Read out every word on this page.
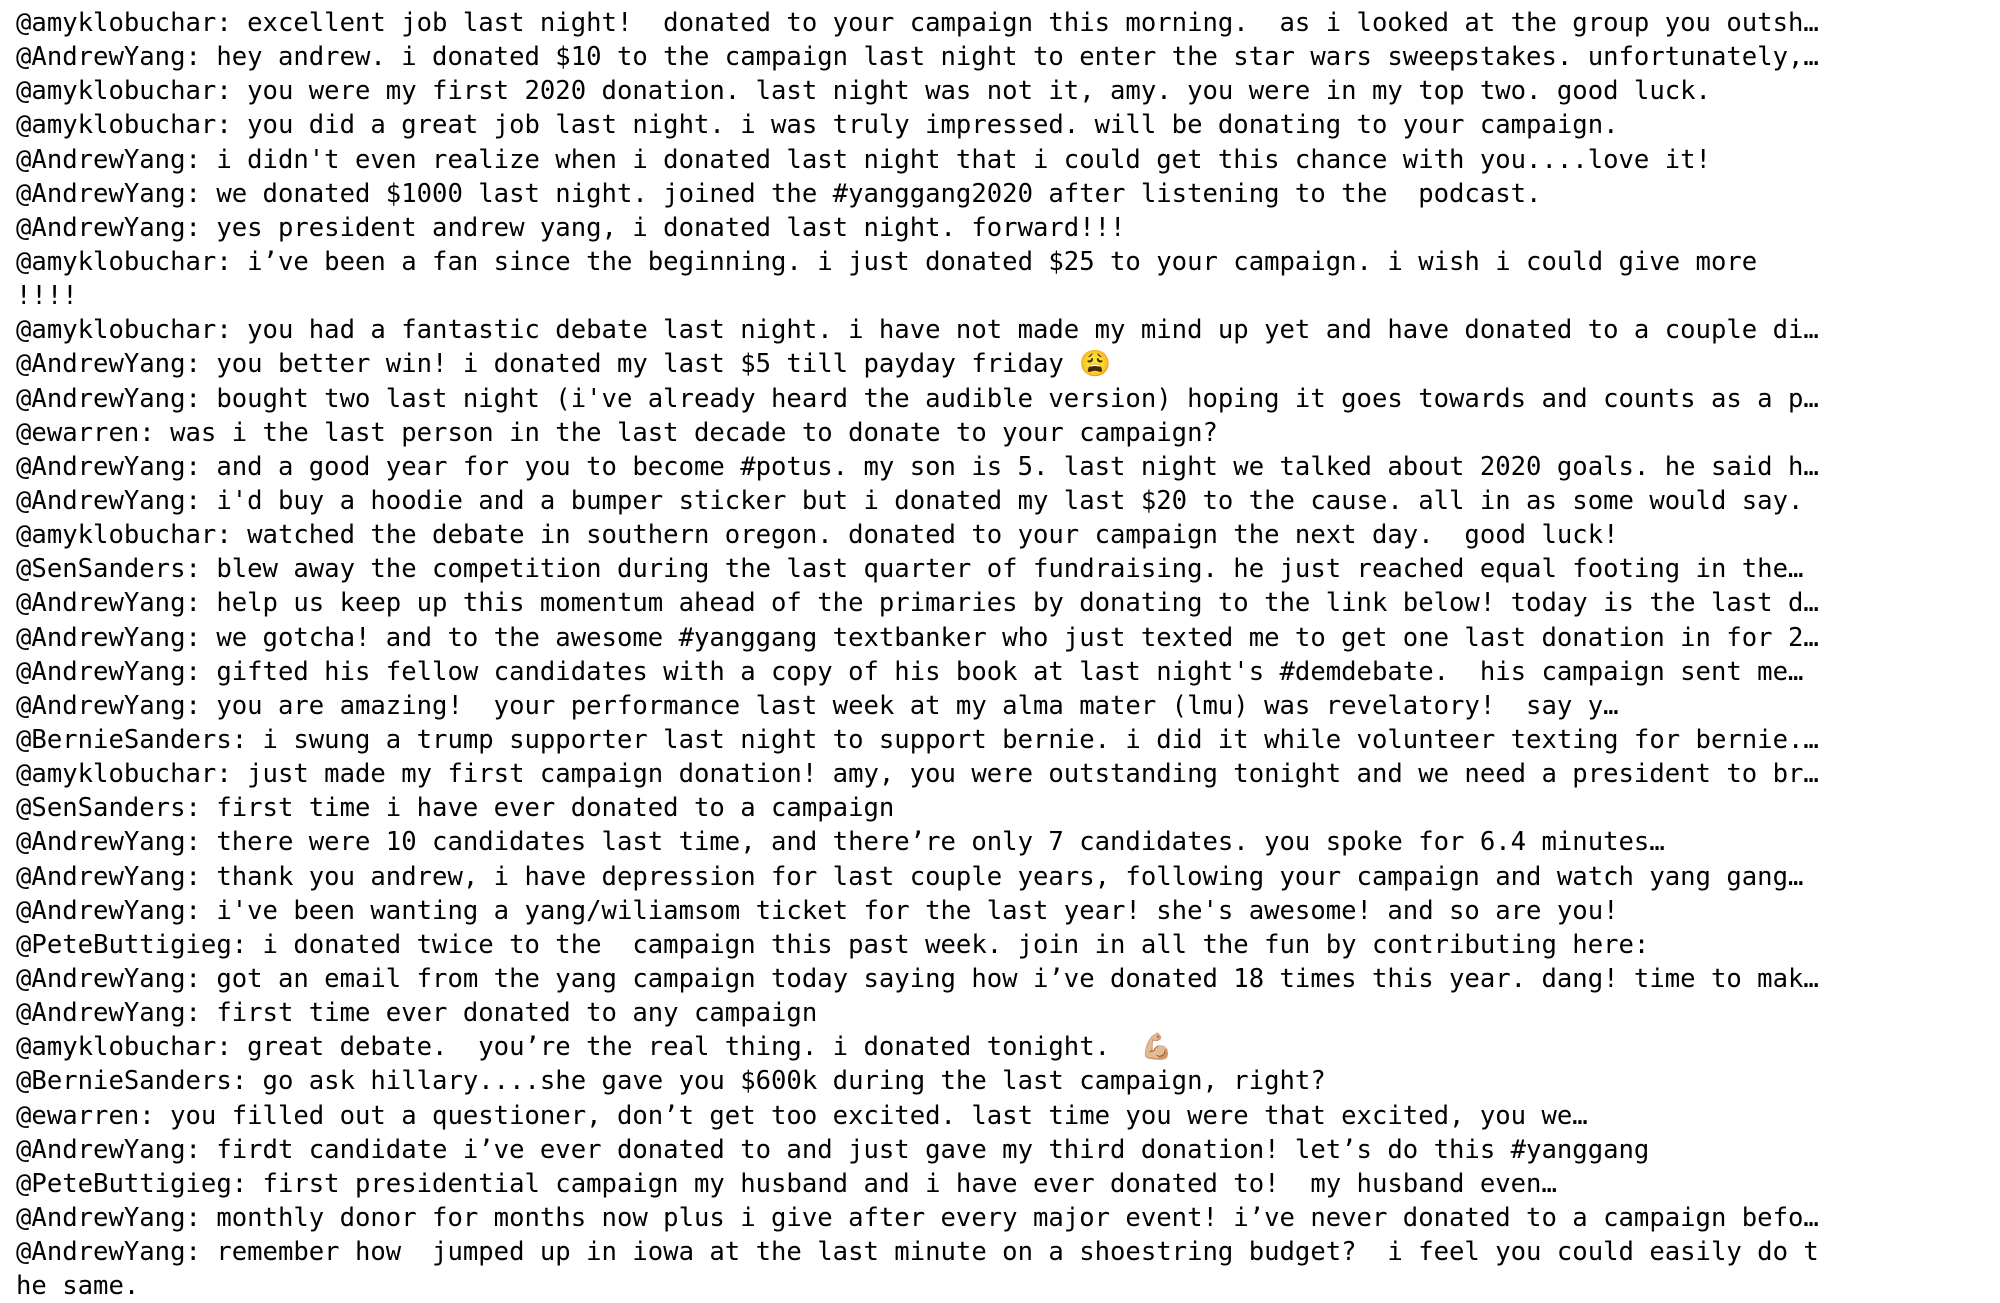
@amyklobuchar: excellent job last night!  donated to your campaign this morning.  as i looked at the group you outsh…
@AndrewYang: hey andrew. i donated $10 to the campaign last night to enter the star wars sweepstakes. unfortunately,…
@amyklobuchar: you were my first 2020 donation. last night was not it, amy. you were in my top two. good luck.
@amyklobuchar: you did a great job last night. i was truly impressed. will be donating to your campaign.
@AndrewYang: i didn't even realize when i donated last night that i could get this chance with you....love it!
@AndrewYang: we donated $1000 last night. joined the #yanggang2020 after listening to the  podcast.
@AndrewYang: yes president andrew yang, i donated last night. forward!!!
@amyklobuchar: i’ve been a fan since the beginning. i just donated $25 to your campaign. i wish i could give more
!!!!
@amyklobuchar: you had a fantastic debate last night. i have not made my mind up yet and have donated to a couple di…
@AndrewYang: you better win! i donated my last $5 till payday friday 😩
@AndrewYang: bought two last night (i've already heard the audible version) hoping it goes towards and counts as a p…
@ewarren: was i the last person in the last decade to donate to your campaign?
@AndrewYang: and a good year for you to become #potus. my son is 5. last night we talked about 2020 goals. he said h…
@AndrewYang: i'd buy a hoodie and a bumper sticker but i donated my last $20 to the cause. all in as some would say.
@amyklobuchar: watched the debate in southern oregon. donated to your campaign the next day.  good luck!
@SenSanders: blew away the competition during the last quarter of fundraising. he just reached equal footing in the…
@AndrewYang: help us keep up this momentum ahead of the primaries by donating to the link below! today is the last d…
@AndrewYang: we gotcha! and to the awesome #yanggang textbanker who just texted me to get one last donation in for 2…
@AndrewYang: gifted his fellow candidates with a copy of his book at last night's #demdebate.  his campaign sent me…
@AndrewYang: you are amazing!  your performance last week at my alma mater (lmu) was revelatory!  say y…
@BernieSanders: i swung a trump supporter last night to support bernie. i did it while volunteer texting for bernie.…
@amyklobuchar: just made my first campaign donation! amy, you were outstanding tonight and we need a president to br…
@SenSanders: first time i have ever donated to a campaign
@AndrewYang: there were 10 candidates last time, and there’re only 7 candidates. you spoke for 6.4 minutes…
@AndrewYang: thank you andrew, i have depression for last couple years, following your campaign and watch yang gang…
@AndrewYang: i've been wanting a yang/wiliamsom ticket for the last year! she's awesome! and so are you!
@PeteButtigieg: i donated twice to the  campaign this past week. join in all the fun by contributing here:
@AndrewYang: got an email from the yang campaign today saying how i’ve donated 18 times this year. dang! time to mak…
@AndrewYang: first time ever donated to any campaign
@amyklobuchar: great debate.  you’re the real thing. i donated tonight.  💪🏼
@BernieSanders: go ask hillary....she gave you $600k during the last campaign, right?
@ewarren: you filled out a questioner, don’t get too excited. last time you were that excited, you we…
@AndrewYang: firdt candidate i’ve ever donated to and just gave my third donation! let’s do this #yanggang
@PeteButtigieg: first presidential campaign my husband and i have ever donated to!  my husband even…
@AndrewYang: monthly donor for months now plus i give after every major event! i’ve never donated to a campaign befo…
@AndrewYang: remember how  jumped up in iowa at the last minute on a shoestring budget?  i feel you could easily do t
he same.
